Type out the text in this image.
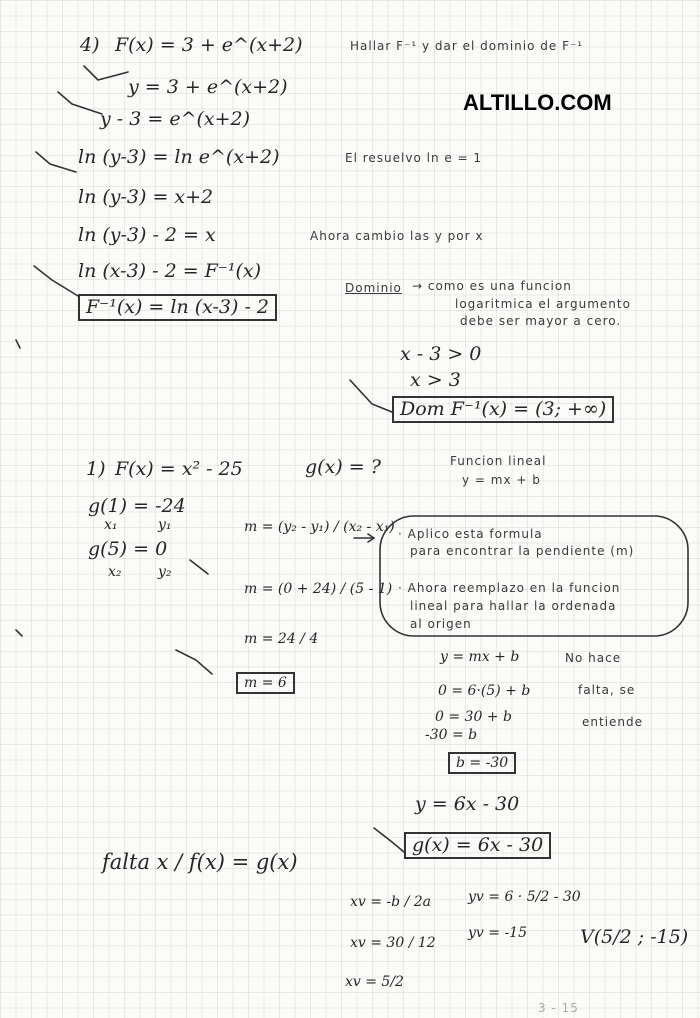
ALTILLO.COM
4) F(x) = 3 + e^(x+2)	Hallar F⁻¹ y dar el dominio de F⁻¹
y = 3 + e^(x+2)
y - 3 = e^(x+2)
ln (y-3) = ln e^(x+2)	El resuelvo ln e = 1
ln (y-3) = x+2
ln (y-3) - 2 = x	Ahora cambio las y por x
ln (x-3) - 2 = F⁻¹(x)
F⁻¹(x) = ln (x-3) - 2
Dominio → como es una funcion
logaritmica el argumento
debe ser mayor a cero.
x - 3 > 0
x > 3
Dom F⁻¹(x) = (3; +∞)
1) F(x) = x² - 25	g(x) = ?	Funcion lineal
y = mx + b
g(1) = -24
x₁	y₁
g(5) = 0
x₂	y₂
m = (y₂ - y₁) / (x₂ - x₁)
m = (0 + 24) / (5 - 1)
m = 24 / 4
m = 6
· Aplico esta formula
para encontrar la pendiente (m)
· Ahora reemplazo en la funcion
lineal para hallar la ordenada
al origen
y = mx + b
0 = 6·(5) + b
0 = 30 + b
-30 = b
b = -30
No hace
falta, se
entiende
y = 6x - 30
g(x) = 6x - 30
falta x / f(x) = g(x)
xv = -b / 2a
xv = 30 / 12
xv = 5/2
yv = 6 · 5/2 - 30
yv = -15	V(5/2 ; -15)
3 - 15
